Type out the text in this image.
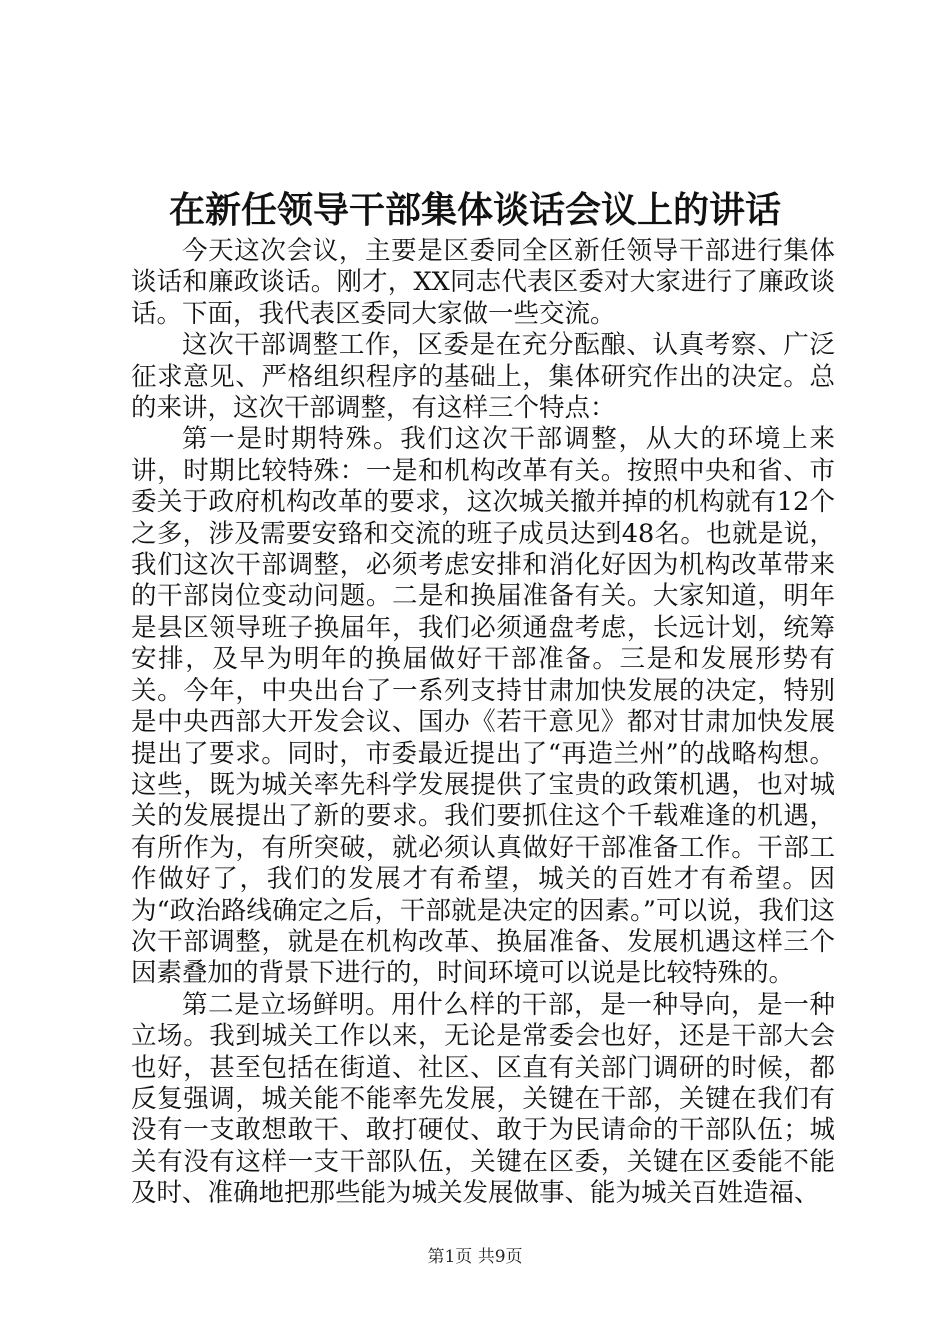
在新任领导干部集体谈话会议上的讲话

今天这次会议，主要是区委同全区新任领导干部进行集体谈话和廉政谈话。刚才，XX同志代表区委对大家进行了廉政谈话。下面，我代表区委同大家做一些交流。

这次干部调整工作，区委是在充分酝酿、认真考察、广泛征求意见、严格组织程序的基础上，集体研究作出的决定。总的来讲，这次干部调整，有这样三个特点：

第一是时期特殊。我们这次干部调整，从大的环境上来讲，时期比较特殊：一是和机构改革有关。按照中央和省、市委关于政府机构改革的要求，这次城关撤并掉的机构就有12个之多，涉及需要安臵和交流的班子成员达到48名。也就是说，我们这次干部调整，必须考虑安排和消化好因为机构改革带来的干部岗位变动问题。二是和换届准备有关。大家知道，明年是县区领导班子换届年，我们必须通盘考虑，长远计划，统筹安排，及早为明年的换届做好干部准备。三是和发展形势有关。今年，中央出台了一系列支持甘肃加快发展的决定，特别是中央西部大开发会议、国办《若干意见》都对甘肃加快发展提出了要求。同时，市委最近提出了“再造兰州”的战略构想。这些，既为城关率先科学发展提供了宝贵的政策机遇，也对城关的发展提出了新的要求。我们要抓住这个千载难逢的机遇，有所作为，有所突破，就必须认真做好干部准备工作。干部工作做好了，我们的发展才有希望，城关的百姓才有希望。因为“政治路线确定之后，干部就是决定的因素。”可以说，我们这次干部调整，就是在机构改革、换届准备、发展机遇这样三个因素叠加的背景下进行的，时间环境可以说是比较特殊的。

第二是立场鲜明。用什么样的干部，是一种导向，是一种立场。我到城关工作以来，无论是常委会也好，还是干部大会也好，甚至包括在街道、社区、区直有关部门调研的时候，都反复强调，城关能不能率先发展，关键在干部，关键在我们有没有一支敢想敢干、敢打硬仗、敢于为民请命的干部队伍；城关有没有这样一支干部队伍，关键在区委，关键在区委能不能及时、准确地把那些能为城关发展做事、能为城关百姓造福、

第1页 共9页
